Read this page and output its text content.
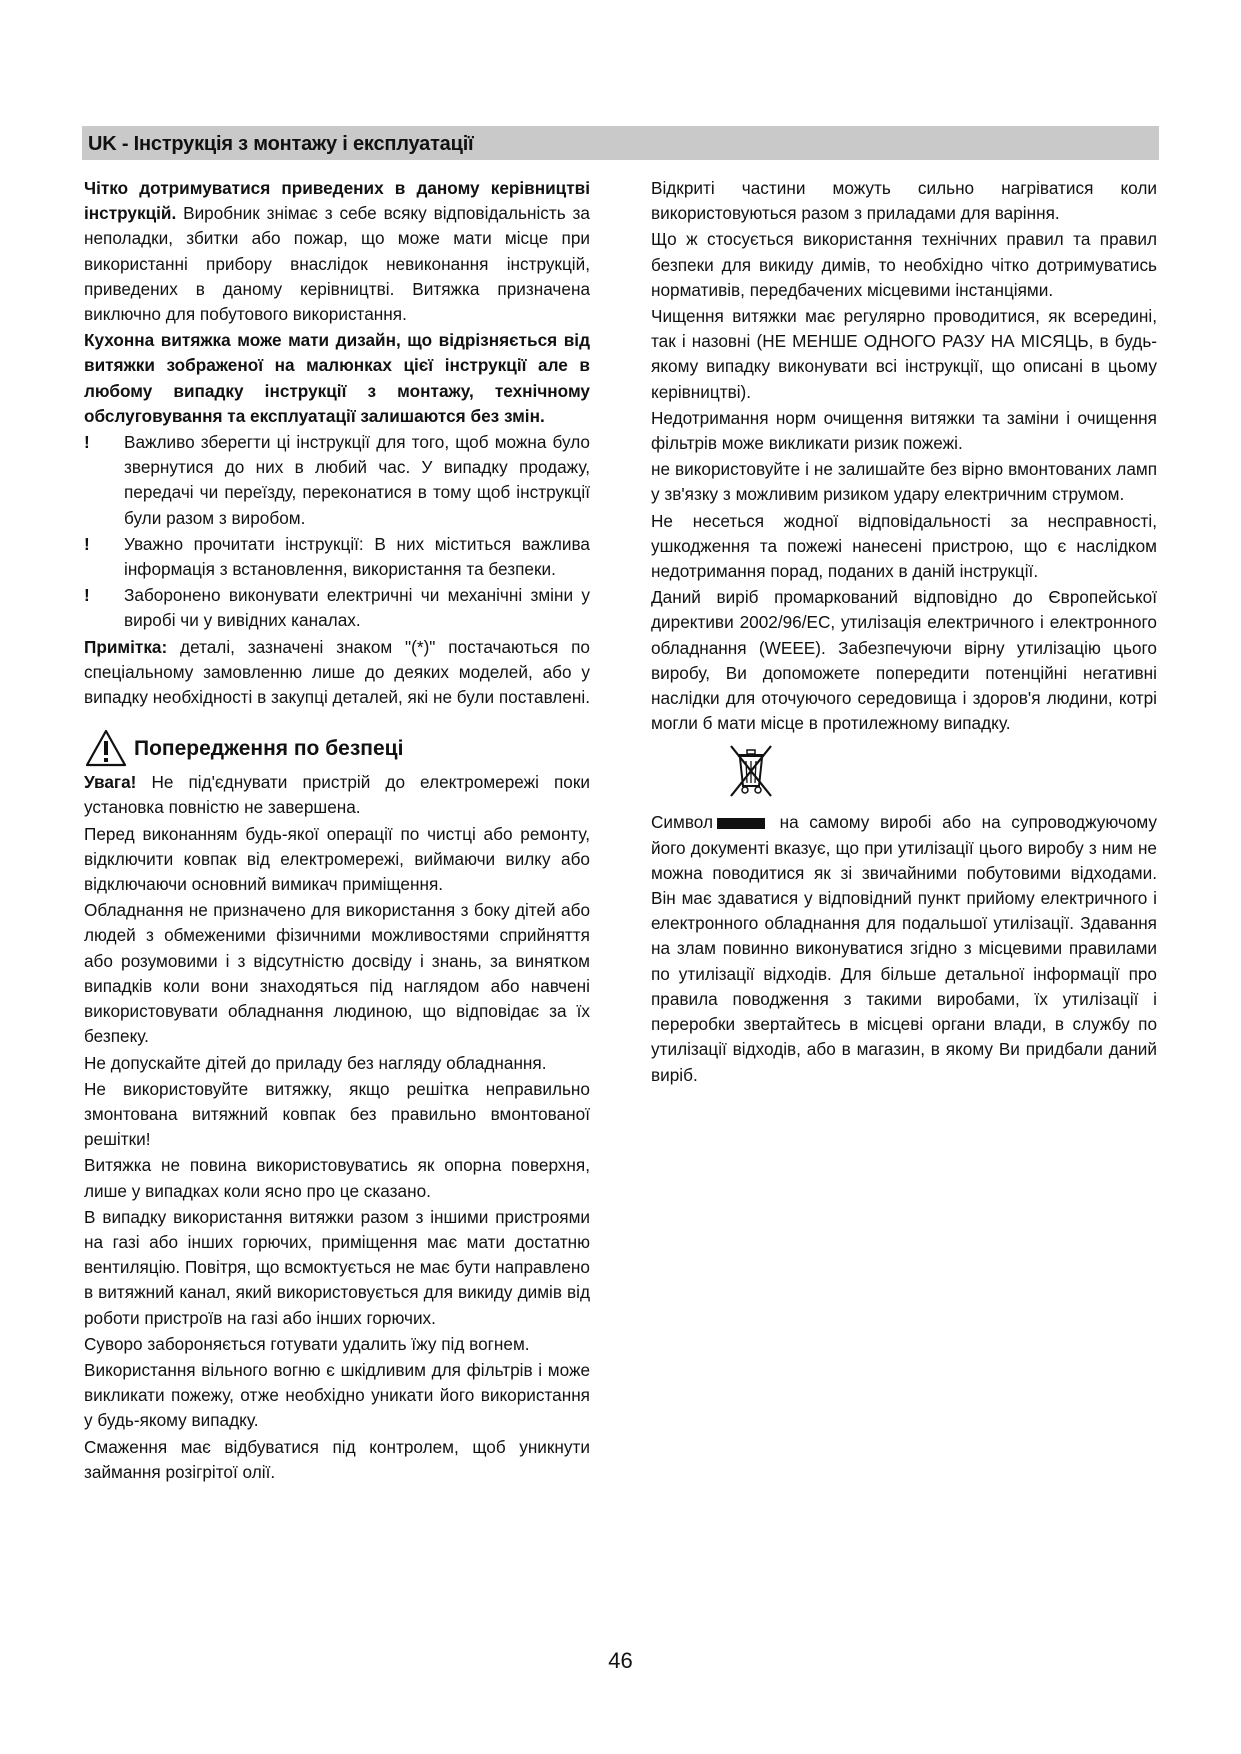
UK - Інструкція з монтажу і експлуатації

Чітко дотримуватися приведених в даному керівництві інструкцій. Виробник знімає з себе всяку відповідальність за неполадки, збитки або пожар, що може мати місце при використанні прибору внаслідок невиконання інструкцій, приведених в даному керівництві. Витяжка призначена виключно для побутового використання.

Кухонна витяжка може мати дизайн, що відрізняється від витяжки зображеної на малюнках цієї інструкції але в любому випадку інструкції з монтажу, технічному обслуговування та експлуатації залишаются без змін.

! Важливо зберегти ці інструкції для того, щоб можна було звернутися до них в любий час. У випадку продажу, передачі чи переїзду, переконатися в тому щоб інструкції були разом з виробом.
! Уважно прочитати інструкції: В них міститься важлива інформація з встановлення, використання та безпеки.
! Заборонено виконувати електричні чи механічні зміни у виробі чи у вивідних каналах.

Примітка: деталі, зазначені знаком "(*)" постачаються по спеціальному замовленню лише до деяких моделей, або у випадку необхідності в закупці деталей, які не були поставлені.

Попередження по безпеці

Увага! Не під'єднувати пристрій до електромережі поки установка повністю не завершена.

Перед виконанням будь-якої операції по чистці або ремонту, відключити ковпак від електромережі, виймаючи вилку або відключаючи основний вимикач приміщення.

Обладнання не призначено для використання з боку дітей або людей з обмеженими фізичними можливостями сприйняття або розумовими і з відсутністю досвіду і знань, за винятком випадків коли вони знаходяться під наглядом або навчені використовувати обладнання людиною, що відповідає за їх безпеку.

Не допускайте дітей до приладу без нагляду обладнання.

Не використовуйте витяжку, якщо решітка неправильно змонтована витяжний ковпак без правильно вмонтованої решітки!

Витяжка не повина використовуватись як опорна поверхня, лише у випадках коли ясно про це сказано.

В випадку використання витяжки разом з іншими пристроями на газі або інших горючих, приміщення має мати достатню вентиляцію. Повітря, що всмоктується не має бути направлено в витяжний канал, який використовується для викиду димів від роботи пристроїв на газі або інших горючих.

Суворо забороняється готувати удалить їжу під вогнем.

Використання вільного вогню є шкідливим для фільтрів і може викликати пожежу, отже необхідно уникати його використання у будь-якому випадку.

Смаження має відбуватися під контролем, щоб уникнути займання розігрітої олії.

Відкриті частини можуть сильно нагріватися коли використовуються разом з приладами для варіння.

Що ж стосується використання технічних правил та правил безпеки для викиду димів, то необхідно чітко дотримуватись нормативів, передбачених місцевими інстанціями.

Чищення витяжки має регулярно проводитися, як всередині, так і назовні (НЕ МЕНШЕ ОДНОГО РАЗУ НА МІСЯЦЬ, в будь-якому випадку виконувати всі інструкції, що описані в цьому керівництві).

Недотримання норм очищення витяжки та заміни і очищення фільтрів може викликати ризик пожежі.

не використовуйте і не залишайте без вірно вмонтованих ламп у зв'язку з можливим ризиком удару електричним струмом.

Не несеться жодної відповідальності за несправності, ушкодження та пожежі нанесені пристрою, що є наслідком недотримання порад, поданих в даній інструкції.

Даний виріб промаркований відповідно до Європейської директиви 2002/96/EC, утилізація електричного і електронного обладнання (WEEE). Забезпечуючи вірну утилізацію цього виробу, Ви допоможете попередити потенційні негативні наслідки для оточуючого середовища і здоров'я людини, котрі могли б мати місце в протилежному випадку.

Символ	на самому виробі або на супроводжуючому його документі вказує, що при утилізації цього виробу з ним не можна поводитися як зі звичайними побутовими відходами. Він має здаватися у відповідний пункт прийому електричного і електронного обладнання для подальшої утилізації. Здавання на злам повинно виконуватися згідно з місцевими правилами по утилізації відходів. Для більше детальної інформації про правила поводження з такими виробами, їх утилізації і переробки звертайтесь в місцеві органи влади, в службу по утилізації відходів, або в магазин, в якому Ви придбали даний виріб.

46
